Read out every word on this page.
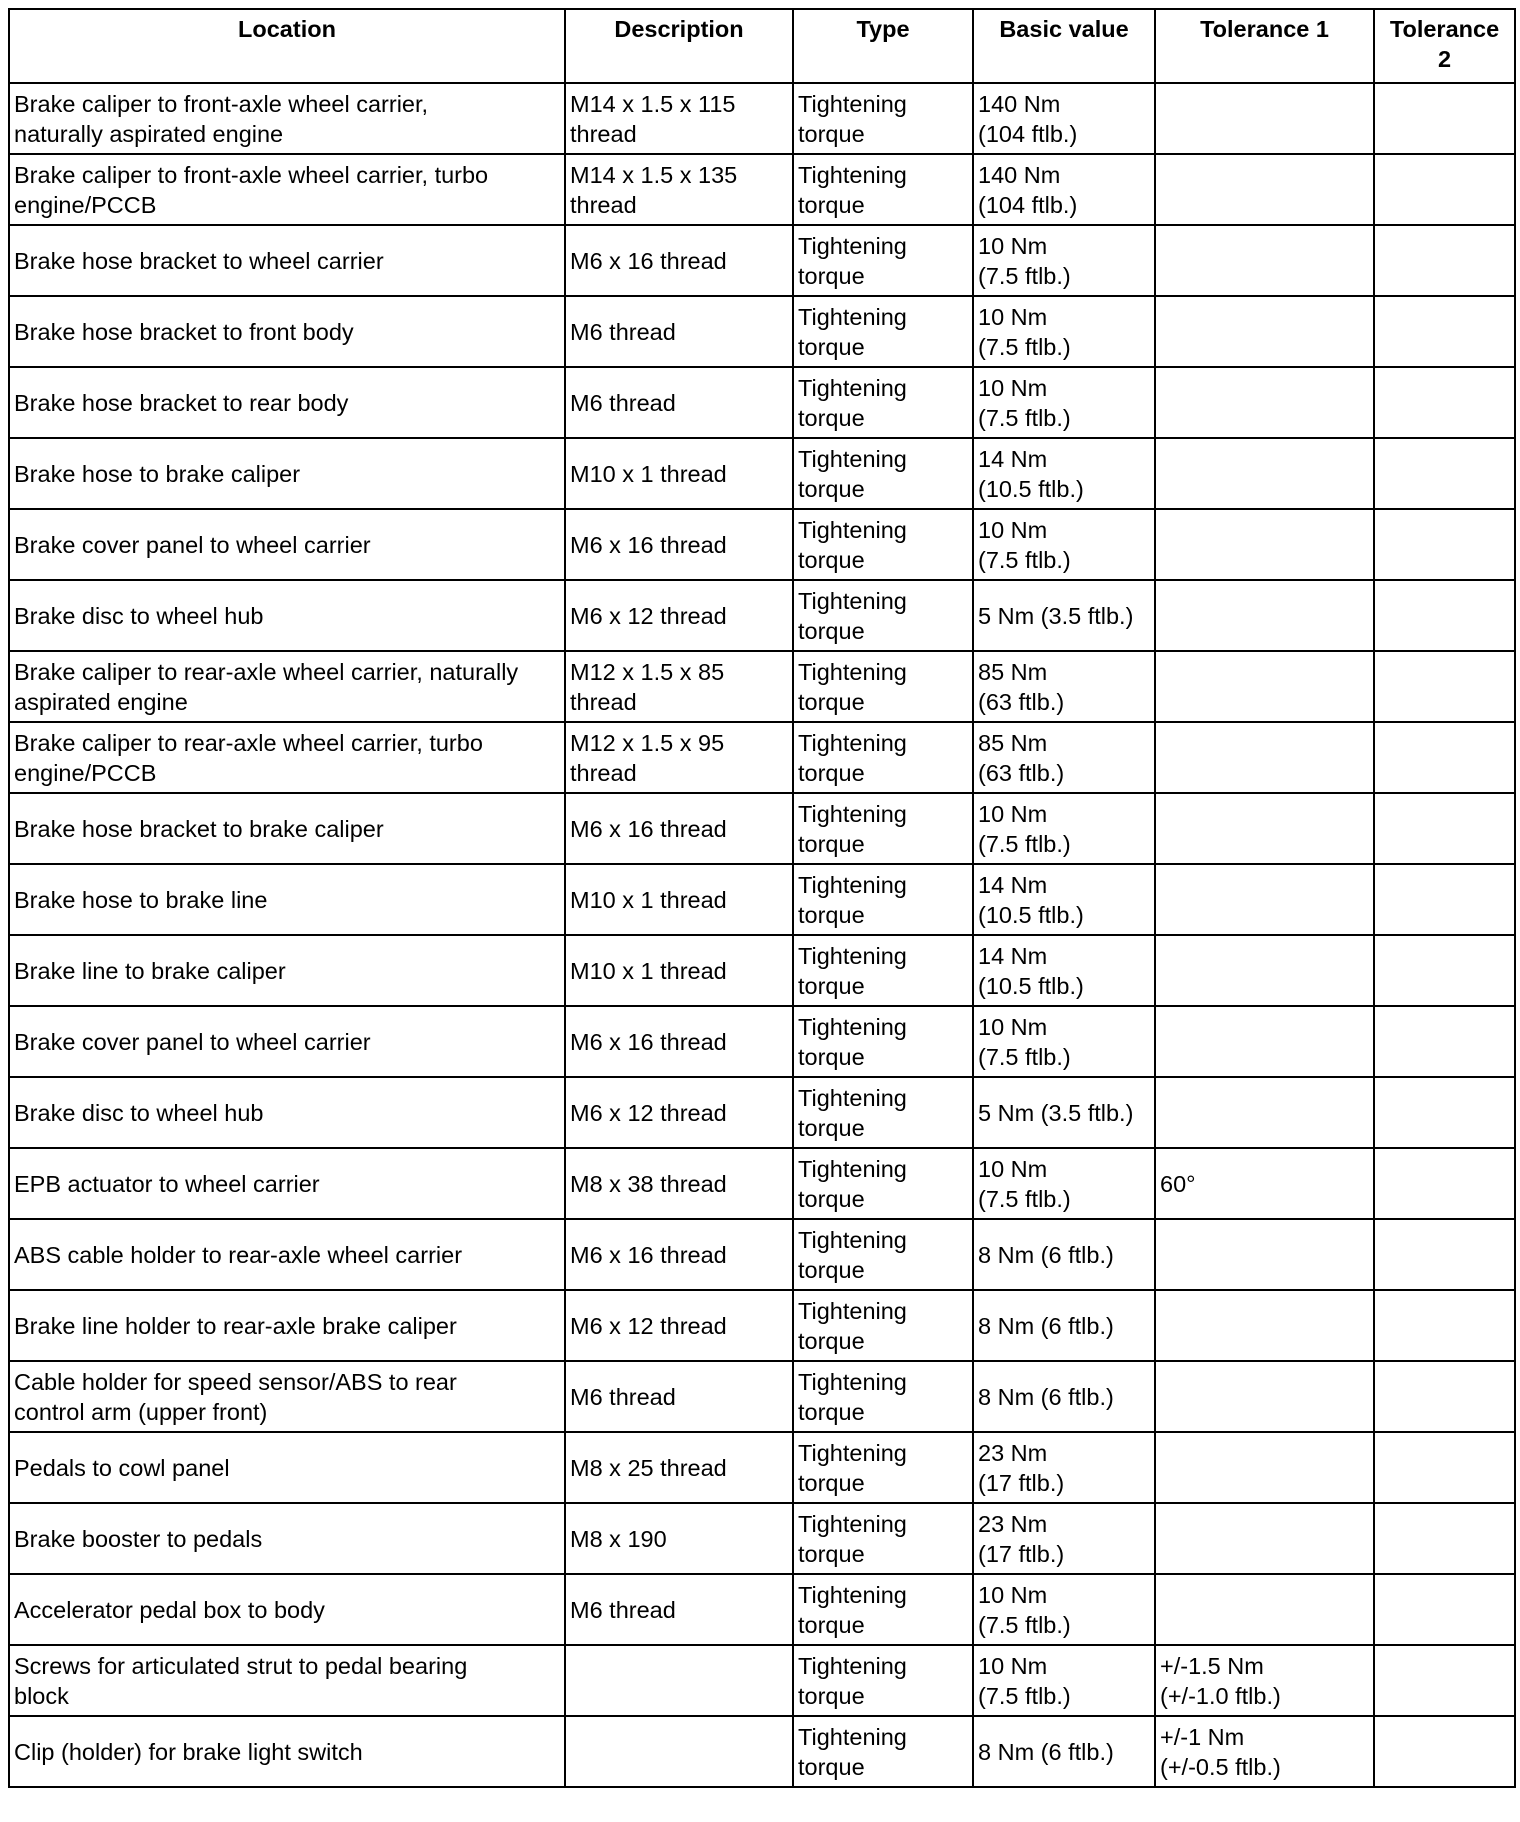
Location	Description	Type	Basic value	Tolerance 1	Tolerance
2

Brake caliper to front-axle wheel carrier,
naturally aspirated engine	M14 x 1.5 x 115
thread	Tightening
torque	140 Nm
(104 ftlb.)		

Brake caliper to front-axle wheel carrier, turbo
engine/PCCB	M14 x 1.5 x 135
thread	Tightening
torque	140 Nm
(104 ftlb.)		

Brake hose bracket to wheel carrier	M6 x 16 thread	Tightening
torque	10 Nm
(7.5 ftlb.)		

Brake hose bracket to front body	M6 thread	Tightening
torque	10 Nm
(7.5 ftlb.)		

Brake hose bracket to rear body	M6 thread	Tightening
torque	10 Nm
(7.5 ftlb.)		

Brake hose to brake caliper	M10 x 1 thread	Tightening
torque	14 Nm
(10.5 ftlb.)		

Brake cover panel to wheel carrier	M6 x 16 thread	Tightening
torque	10 Nm
(7.5 ftlb.)		

Brake disc to wheel hub	M6 x 12 thread	Tightening
torque	5 Nm (3.5 ftlb.)		

Brake caliper to rear-axle wheel carrier, naturally
aspirated engine	M12 x 1.5 x 85
thread	Tightening
torque	85 Nm
(63 ftlb.)		

Brake caliper to rear-axle wheel carrier, turbo
engine/PCCB	M12 x 1.5 x 95
thread	Tightening
torque	85 Nm
(63 ftlb.)		

Brake hose bracket to brake caliper	M6 x 16 thread	Tightening
torque	10 Nm
(7.5 ftlb.)		

Brake hose to brake line	M10 x 1 thread	Tightening
torque	14 Nm
(10.5 ftlb.)		

Brake line to brake caliper	M10 x 1 thread	Tightening
torque	14 Nm
(10.5 ftlb.)		

Brake cover panel to wheel carrier	M6 x 16 thread	Tightening
torque	10 Nm
(7.5 ftlb.)		

Brake disc to wheel hub	M6 x 12 thread	Tightening
torque	5 Nm (3.5 ftlb.)		

EPB actuator to wheel carrier	M8 x 38 thread	Tightening
torque	10 Nm
(7.5 ftlb.)	60°	

ABS cable holder to rear-axle wheel carrier	M6 x 16 thread	Tightening
torque	8 Nm (6 ftlb.)		

Brake line holder to rear-axle brake caliper	M6 x 12 thread	Tightening
torque	8 Nm (6 ftlb.)		

Cable holder for speed sensor/ABS to rear
control arm (upper front)	M6 thread	Tightening
torque	8 Nm (6 ftlb.)		

Pedals to cowl panel	M8 x 25 thread	Tightening
torque	23 Nm
(17 ftlb.)		

Brake booster to pedals	M8 x 190	Tightening
torque	23 Nm
(17 ftlb.)		

Accelerator pedal box to body	M6 thread	Tightening
torque	10 Nm
(7.5 ftlb.)		

Screws for articulated strut to pedal bearing
block		Tightening
torque	10 Nm
(7.5 ftlb.)	+/-1.5 Nm
(+/-1.0 ftlb.)	

Clip (holder) for brake light switch		Tightening
torque	8 Nm (6 ftlb.)	+/-1 Nm
(+/-0.5 ftlb.)	
